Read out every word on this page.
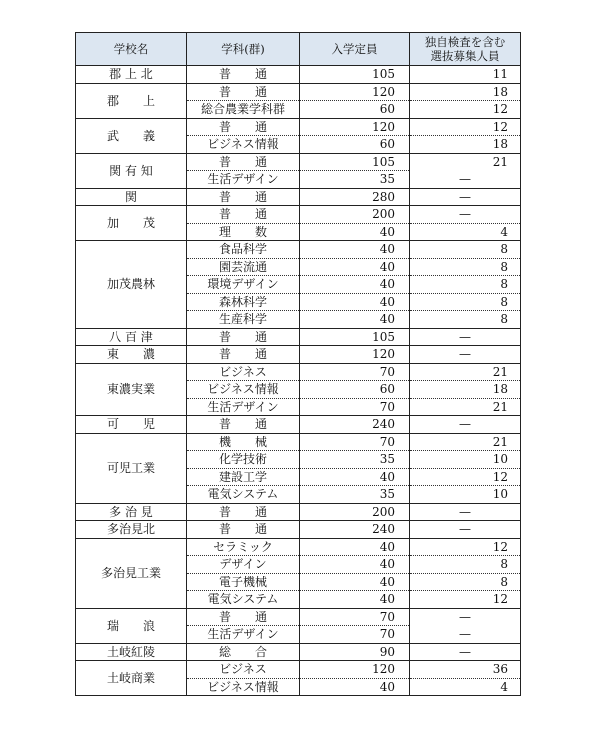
学校名	学科(群)	入学定員	独自検査を含む
選抜募集人員
郡 上 北	普　　通	105	11
郡　　上	普　　通	120	18
	総合農業学科群	60	12
武　　義	普　　通	120	12
	ビジネス情報	60	18
関 有 知	普　　通	105	21
	生活デザイン	35	—
関	普　　通	280	—
加　　茂	普　　通	200	—
	理　　数	40	4
加茂農林	食品科学	40	8
	園芸流通	40	8
	環境デザイン	40	8
	森林科学	40	8
	生産科学	40	8
八 百 津	普　　通	105	—
東　　濃	普　　通	120	—
東濃実業	ビジネス	70	21
	ビジネス情報	60	18
	生活デザイン	70	21
可　　児	普　　通	240	—
可児工業	機　　械	70	21
	化学技術	35	10
	建設工学	40	12
	電気システム	35	10
多 治 見	普　　通	200	—
多治見北	普　　通	240	—
多治見工業	セラミック	40	12
	デザイン	40	8
	電子機械	40	8
	電気システム	40	12
瑞　　浪	普　　通	70	—
	生活デザイン	70	—
土岐紅陵	総　　合	90	—
土岐商業	ビジネス	120	36
	ビジネス情報	40	4
